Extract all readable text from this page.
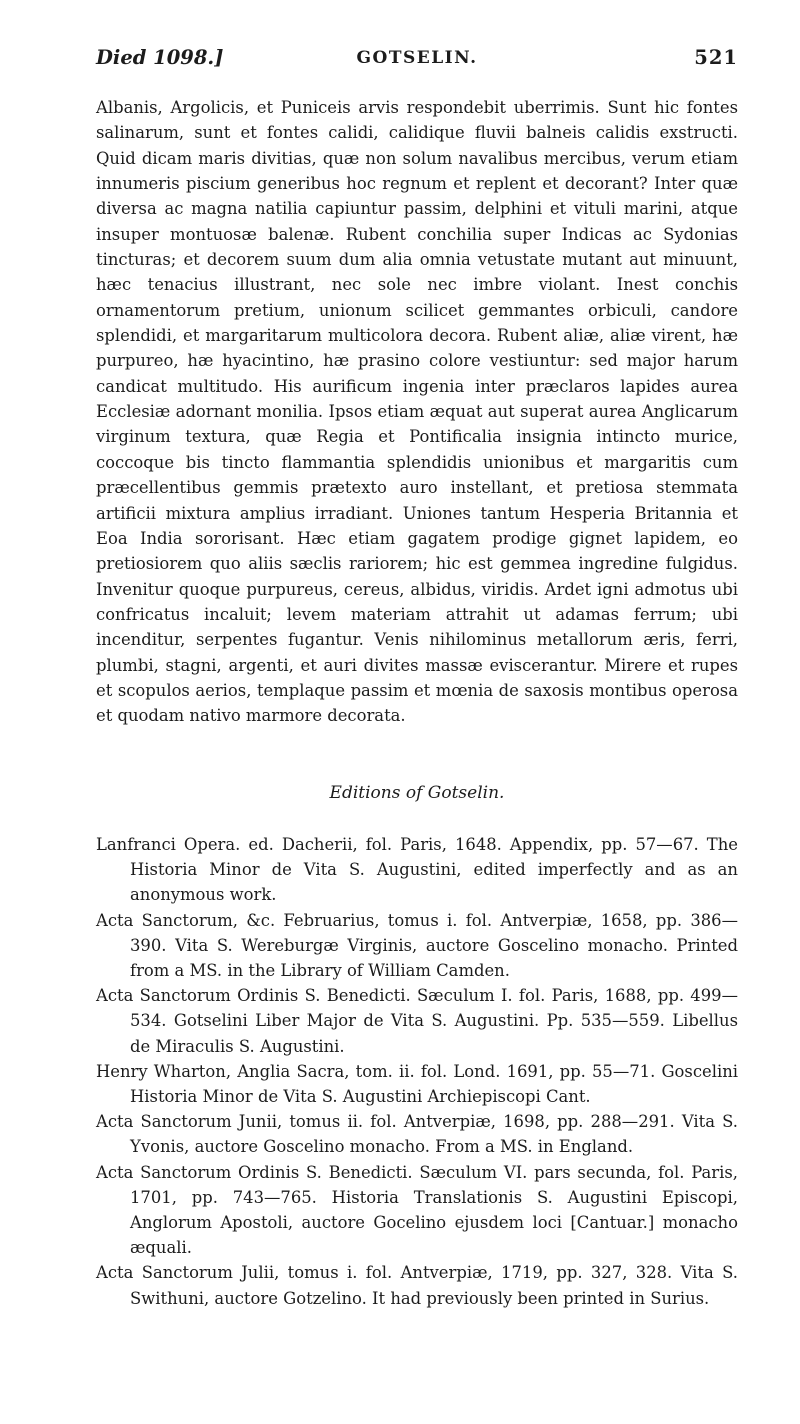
Died 1098.]	GOTSELIN.	521

Albanis, Argolicis, et Puniceis arvis respondebit uberrimis. Sunt hic fontes salinarum, sunt et fontes calidi, calidique fluvii balneis calidis exstructi. Quid dicam maris divitias, quæ non solum navalibus mercibus, verum etiam innumeris piscium generibus hoc regnum et replent et decorant? Inter quæ diversa ac magna natilia capiuntur passim, delphini et vituli marini, atque insuper montuosæ balenæ. Rubent conchilia super Indicas ac Sydonias tincturas; et decorem suum dum alia omnia vetustate mutant aut minuunt, hæc tenacius illustrant, nec sole nec imbre violant. Inest conchis ornamentorum pretium, unionum scilicet gemmantes orbiculi, candore splendidi, et margaritarum multicolora decora. Rubent aliæ, aliæ virent, hæ purpureo, hæ hyacintino, hæ prasino colore vestiuntur: sed major harum candicat multitudo. His aurificum ingenia inter præclaros lapides aurea Ecclesiæ adornant monilia. Ipsos etiam æquat aut superat aurea Anglicarum virginum textura, quæ Regia et Pontificalia insignia intincto murice, coccoque bis tincto flammantia splendidis unionibus et margaritis cum præcellentibus gemmis prætexto auro instellant, et pretiosa stemmata artificii mixtura amplius irradiant. Uniones tantum Hesperia Britannia et Eoa India sororisant. Hæc etiam gagatem prodige gignet lapidem, eo pretiosiorem quo aliis sæclis rariorem; hic est gemmea ingredine fulgidus. Invenitur quoque purpureus, cereus, albidus, viridis. Ardet igni admotus ubi confricatus incaluit; levem materiam attrahit ut adamas ferrum; ubi incenditur, serpentes fugantur. Venis nihilominus metallorum æris, ferri, plumbi, stagni, argenti, et auri divites massæ eviscerantur. Mirere et rupes et scopulos aerios, templaque passim et mœnia de saxosis montibus operosa et quodam nativo marmore decorata.

Editions of Gotselin.

Lanfranci Opera. ed. Dacherii, fol. Paris, 1648. Appendix, pp. 57—67. The Historia Minor de Vita S. Augustini, edited imperfectly and as an anonymous work.
Acta Sanctorum, &c. Februarius, tomus i. fol. Antverpiæ, 1658, pp. 386—390. Vita S. Wereburgæ Virginis, auctore Goscelino monacho. Printed from a MS. in the Library of William Camden.
Acta Sanctorum Ordinis S. Benedicti. Sæculum I. fol. Paris, 1688, pp. 499—534. Gotselini Liber Major de Vita S. Augustini. Pp. 535—559. Libellus de Miraculis S. Augustini.
Henry Wharton, Anglia Sacra, tom. ii. fol. Lond. 1691, pp. 55—71. Goscelini Historia Minor de Vita S. Augustini Archiepiscopi Cant.
Acta Sanctorum Junii, tomus ii. fol. Antverpiæ, 1698, pp. 288—291. Vita S. Yvonis, auctore Goscelino monacho. From a MS. in England.
Acta Sanctorum Ordinis S. Benedicti. Sæculum VI. pars secunda, fol. Paris, 1701, pp. 743—765. Historia Translationis S. Augustini Episcopi, Anglorum Apostoli, auctore Gocelino ejusdem loci [Cantuar.] monacho æquali.
Acta Sanctorum Julii, tomus i. fol. Antverpiæ, 1719, pp. 327, 328. Vita S. Swithuni, auctore Gotzelino. It had previously been printed in Surius.
